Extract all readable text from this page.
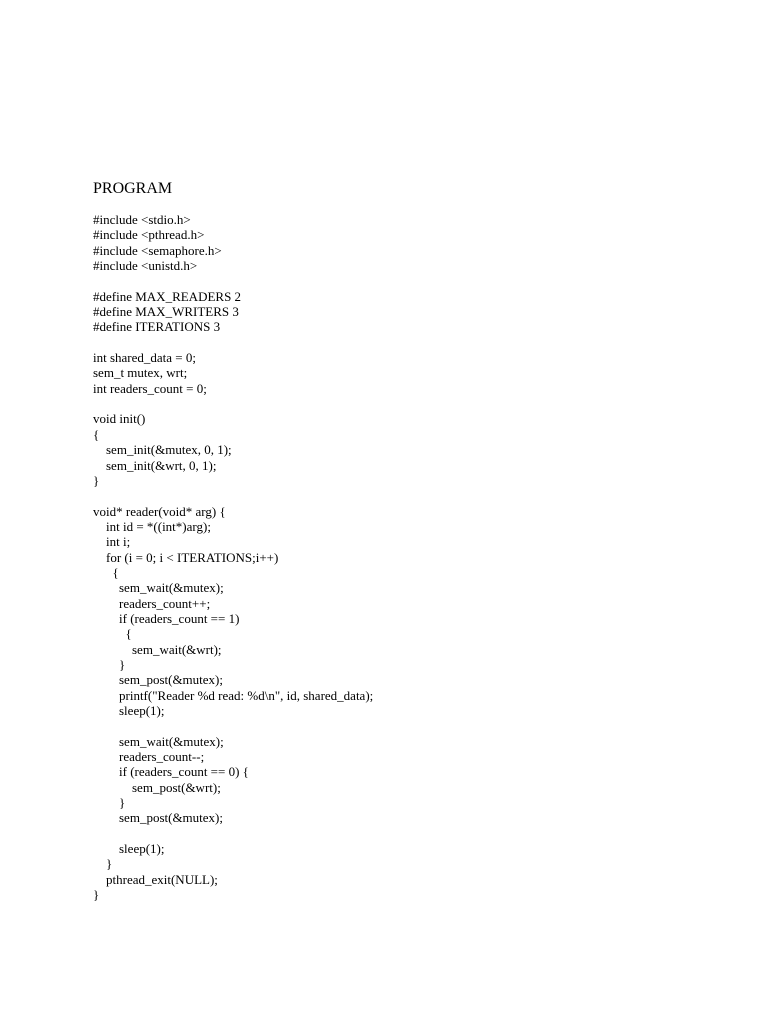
PROGRAM
#include <stdio.h>
#include <pthread.h>
#include <semaphore.h>
#include <unistd.h>
#define MAX_READERS 2
#define MAX_WRITERS 3
#define ITERATIONS 3
int shared_data = 0;
sem_t mutex, wrt;
int readers_count = 0;
void init()
{
sem_init(&mutex, 0, 1);
sem_init(&wrt, 0, 1);
}
void* reader(void* arg) {
int id = *((int*)arg);
int i;
for (i = 0; i < ITERATIONS;i++)
{
sem_wait(&mutex);
readers_count++;
if (readers_count == 1)
{
sem_wait(&wrt);
}
sem_post(&mutex);
printf("Reader %d read: %d\n", id, shared_data);
sleep(1);
sem_wait(&mutex);
readers_count--;
if (readers_count == 0) {
sem_post(&wrt);
}
sem_post(&mutex);
sleep(1);
}
pthread_exit(NULL);
}
